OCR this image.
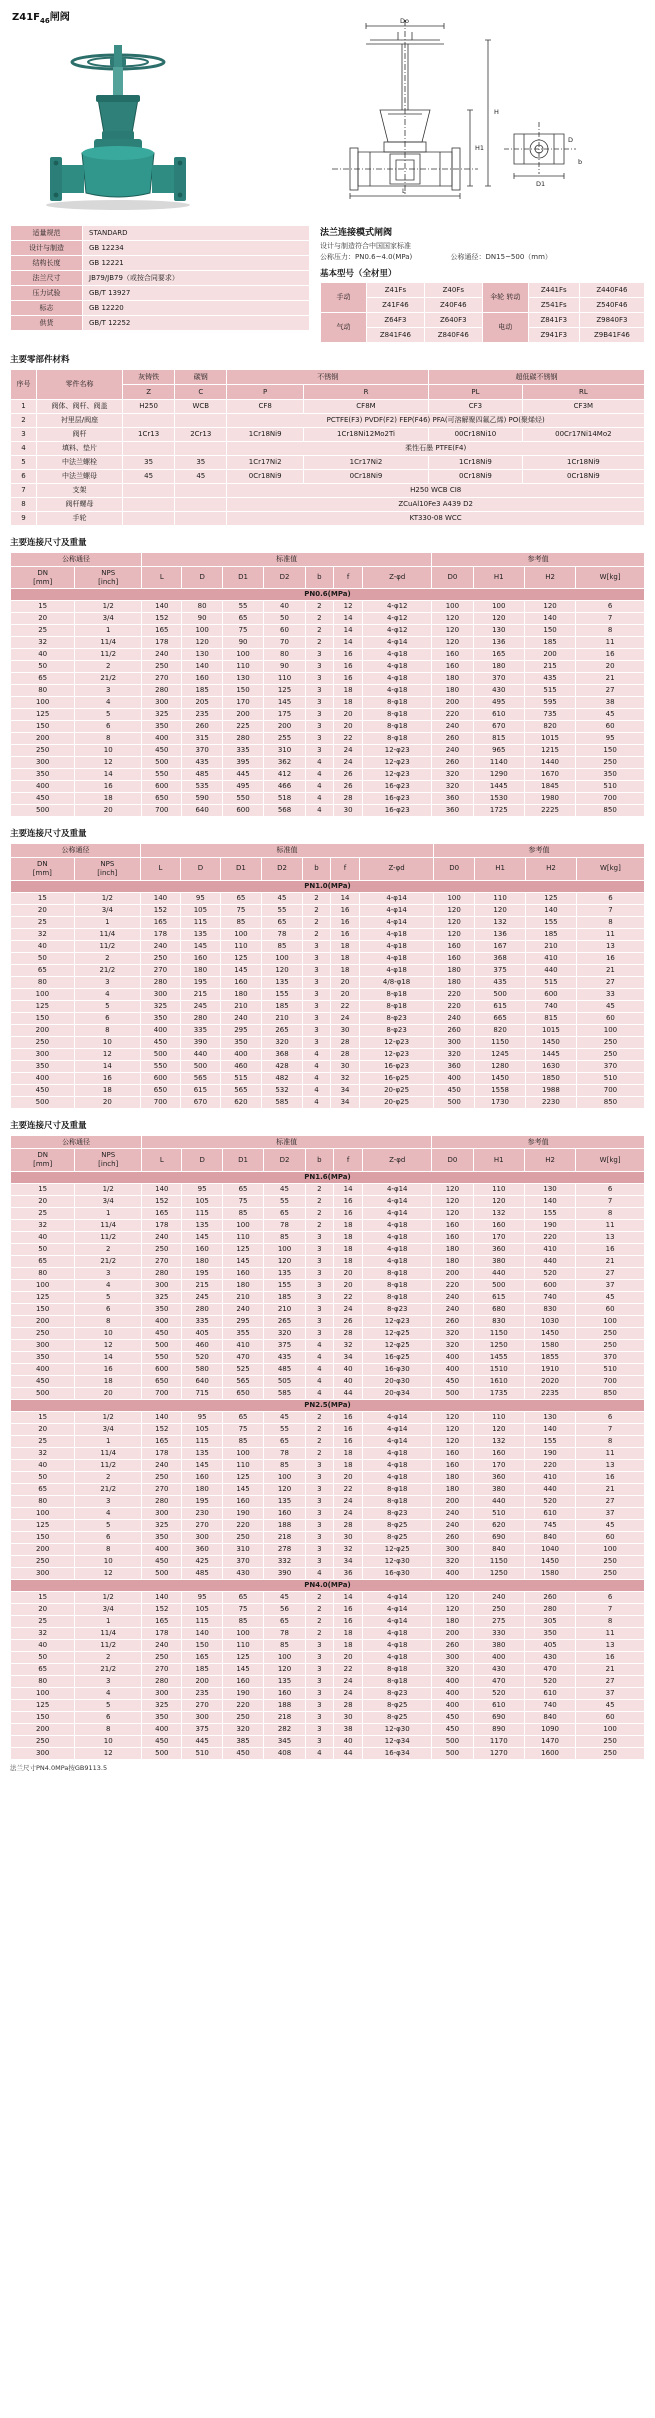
$Z41F_{46}$闸阀	Do
H
H1
L
D
D1
b
适量规范	STANDARD
设计与制造	GB 12234
结构长度	GB 12221
法兰尺寸	JB79/JB79（或按合同要求）
压力试验	GB/T 13927
标志	GB 12220
供货	GB/T 12252
法兰连接模式闸阀
设计与制造符合中国国家标准
公称压力：PN0.6~4.0(MPa)	公称通径：DN15~500（mm）
基本型号（全材里）
手动	Z41Fs	Z40Fs	伞轮 转动	Z441Fs	Z440F46
	Z41F46	Z40F46		Z541Fs	Z540F46
气动	Z64F3	Z640F3	电动	Z841F3	Z9840F3
	Z841F46	Z840F46		Z941F3	Z9B41F46
主要零部件材料
序号	零件名称	灰铸铁	碳钢	不锈钢		超低碳不锈钢	
		Z	C	P	R	PL	RL
1	阀体、阀杆、阀盖	H250	WCB	CF8	CF8M	CF3	CF3M
2	衬里层/阀座			PCTFE(F3) PVDF(F2) FEP(F46) PFA(可溶解聚四氟乙烯) PO(聚烯烃)			
3	阀杆	1Cr13	2Cr13	1Cr18Ni9	1Cr18Ni12Mo2Ti	00Cr18Ni10	00Cr17Ni14Mo2
4	填料、垫片			柔性石墨 PTFE(F4)			
5	中法兰螺栓	35	35	1Cr17Ni2	1Cr17Ni2	1Cr18Ni9	1Cr18Ni9
6	中法兰螺母	45	45	0Cr18Ni9	0Cr18Ni9	0Cr18Ni9	0Cr18Ni9
7	支架			H250 WCB CI8			
8	阀杆螺母			ZCuAl10Fe3 A439 D2			
9	手轮			KT330-08 WCC			
主要连接尺寸及重量
公称通径		标准值							参考值			
DN
[mm]	NPS
[inch]	L	D	D1	D2	b	f	Z-φd	D0	H1	H2	W[kg]
PN0.6(MPa)												
15	1/2	140	80	55	40	2	12	4-φ12	100	100	120	6
20	3/4	152	90	65	50	2	14	4-φ12	120	120	140	7
25	1	165	100	75	60	2	14	4-φ12	120	130	150	8
32	11/4	178	120	90	70	2	14	4-φ14	120	136	185	11
40	11/2	240	130	100	80	3	16	4-φ18	160	165	200	16
50	2	250	140	110	90	3	16	4-φ18	160	180	215	20
65	21/2	270	160	130	110	3	16	4-φ18	180	370	435	21
80	3	280	185	150	125	3	18	4-φ18	180	430	515	27
100	4	300	205	170	145	3	18	8-φ18	200	495	595	38
125	5	325	235	200	175	3	20	8-φ18	220	610	735	45
150	6	350	260	225	200	3	20	8-φ18	240	670	820	60
200	8	400	315	280	255	3	22	8-φ18	260	815	1015	95
250	10	450	370	335	310	3	24	12-φ23	240	965	1215	150
300	12	500	435	395	362	4	24	12-φ23	260	1140	1440	250
350	14	550	485	445	412	4	26	12-φ23	320	1290	1670	350
400	16	600	535	495	466	4	26	16-φ23	320	1445	1845	510
450	18	650	590	550	518	4	28	16-φ23	360	1530	1980	700
500	20	700	640	600	568	4	30	16-φ23	360	1725	2225	850
主要连接尺寸及重量
公称通径		标准值							参考值			
DN
[mm]	NPS
[inch]	L	D	D1	D2	b	f	Z-φd	D0	H1	H2	W[kg]
PN1.0(MPa)												
15	1/2	140	95	65	45	2	14	4-φ14	100	110	125	6
20	3/4	152	105	75	55	2	16	4-φ14	120	120	140	7
25	1	165	115	85	65	2	16	4-φ14	120	132	155	8
32	11/4	178	135	100	78	2	16	4-φ18	120	136	185	11
40	11/2	240	145	110	85	3	18	4-φ18	160	167	210	13
50	2	250	160	125	100	3	18	4-φ18	160	368	410	16
65	21/2	270	180	145	120	3	18	4-φ18	180	375	440	21
80	3	280	195	160	135	3	20	4/8-φ18	180	435	515	27
100	4	300	215	180	155	3	20	8-φ18	220	500	600	33
125	5	325	245	210	185	3	22	8-φ18	220	615	740	45
150	6	350	280	240	210	3	24	8-φ23	240	665	815	60
200	8	400	335	295	265	3	30	8-φ23	260	820	1015	100
250	10	450	390	350	320	3	28	12-φ23	300	1150	1450	250
300	12	500	440	400	368	4	28	12-φ23	320	1245	1445	250
350	14	550	500	460	428	4	30	16-φ23	360	1280	1630	370
400	16	600	565	515	482	4	32	16-φ25	400	1450	1850	510
450	18	650	615	565	532	4	34	20-φ25	450	1558	1988	700
500	20	700	670	620	585	4	34	20-φ25	500	1730	2230	850
主要连接尺寸及重量
公称通径		标准值							参考值			
DN
[mm]	NPS
[inch]	L	D	D1	D2	b	f	Z-φd	D0	H1	H2	W[kg]
PN1.6(MPa)												
15	1/2	140	95	65	45	2	14	4-φ14	120	110	130	6
20	3/4	152	105	75	55	2	16	4-φ14	120	120	140	7
25	1	165	115	85	65	2	16	4-φ14	120	132	155	8
32	11/4	178	135	100	78	2	18	4-φ18	160	160	190	11
40	11/2	240	145	110	85	3	18	4-φ18	160	170	220	13
50	2	250	160	125	100	3	18	4-φ18	180	360	410	16
65	21/2	270	180	145	120	3	18	4-φ18	180	380	440	21
80	3	280	195	160	135	3	20	8-φ18	200	440	520	27
100	4	300	215	180	155	3	20	8-φ18	220	500	600	37
125	5	325	245	210	185	3	22	8-φ18	240	615	740	45
150	6	350	280	240	210	3	24	8-φ23	240	680	830	60
200	8	400	335	295	265	3	26	12-φ23	260	830	1030	100
250	10	450	405	355	320	3	28	12-φ25	320	1150	1450	250
300	12	500	460	410	375	4	32	12-φ25	320	1250	1580	250
350	14	550	520	470	435	4	34	16-φ25	400	1455	1855	370
400	16	600	580	525	485	4	40	16-φ30	400	1510	1910	510
450	18	650	640	565	505	4	40	20-φ30	450	1610	2020	700
500	20	700	715	650	585	4	44	20-φ34	500	1735	2235	850
PN2.5(MPa)												
15	1/2	140	95	65	45	2	16	4-φ14	120	110	130	6
20	3/4	152	105	75	55	2	16	4-φ14	120	120	140	7
25	1	165	115	85	65	2	16	4-φ14	120	132	155	8
32	11/4	178	135	100	78	2	18	4-φ18	160	160	190	11
40	11/2	240	145	110	85	3	18	4-φ18	160	170	220	13
50	2	250	160	125	100	3	20	4-φ18	180	360	410	16
65	21/2	270	180	145	120	3	22	8-φ18	180	380	440	21
80	3	280	195	160	135	3	24	8-φ18	200	440	520	27
100	4	300	230	190	160	3	24	8-φ23	240	510	610	37
125	5	325	270	220	188	3	28	8-φ25	240	620	745	45
150	6	350	300	250	218	3	30	8-φ25	260	690	840	60
200	8	400	360	310	278	3	32	12-φ25	300	840	1040	100
250	10	450	425	370	332	3	34	12-φ30	320	1150	1450	250
300	12	500	485	430	390	4	36	16-φ30	400	1250	1580	250
PN4.0(MPa)												
15	1/2	140	95	65	45	2	14	4-φ14	120	240	260	6
20	3/4	152	105	75	56	2	16	4-φ14	120	250	280	7
25	1	165	115	85	65	2	16	4-φ14	180	275	305	8
32	11/4	178	140	100	78	2	18	4-φ18	200	330	350	11
40	11/2	240	150	110	85	3	18	4-φ18	260	380	405	13
50	2	250	165	125	100	3	20	4-φ18	300	400	430	16
65	21/2	270	185	145	120	3	22	8-φ18	320	430	470	21
80	3	280	200	160	135	3	24	8-φ18	400	470	520	27
100	4	300	235	190	160	3	24	8-φ23	400	520	610	37
125	5	325	270	220	188	3	28	8-φ25	400	610	740	45
150	6	350	300	250	218	3	30	8-φ25	450	690	840	60
200	8	400	375	320	282	3	38	12-φ30	450	890	1090	100
250	10	450	445	385	345	3	40	12-φ34	500	1170	1470	250
300	12	500	510	450	408	4	44	16-φ34	500	1270	1600	250
法兰尺寸PN4.0MPa按GB9113.5
